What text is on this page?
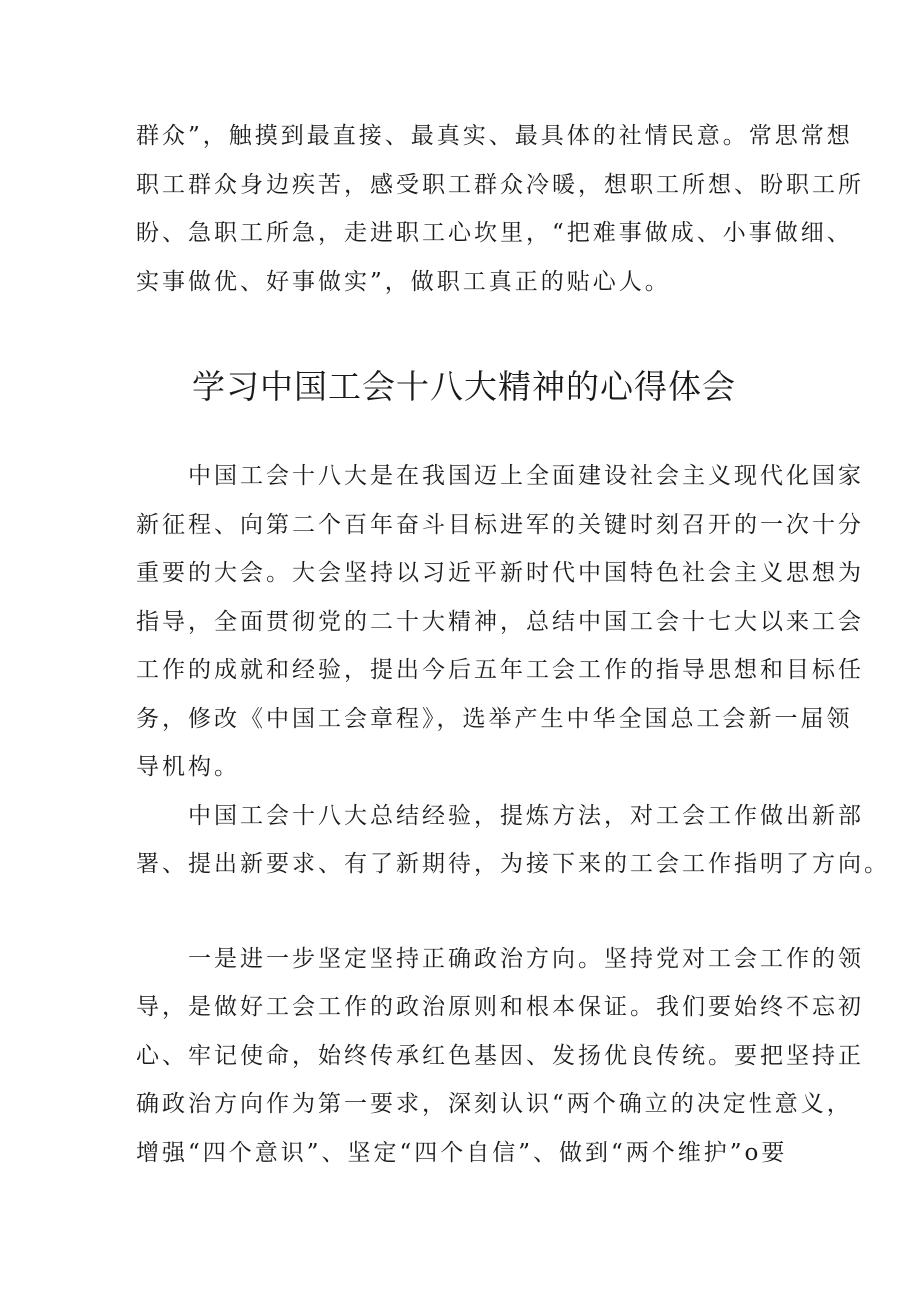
群众”，触摸到最直接、最真实、最具体的社情民意。常思常想

职工群众身边疾苦，感受职工群众冷暖，想职工所想、盼职工所

盼、急职工所急，走进职工心坎里，“把难事做成、小事做细、

实事做优、好事做实”，做职工真正的贴心人。

学习中国工会十八大精神的心得体会

中国工会十八大是在我国迈上全面建设社会主义现代化国家

新征程、向第二个百年奋斗目标进军的关键时刻召开的一次十分

重要的大会。大会坚持以习近平新时代中国特色社会主义思想为

指导，全面贯彻党的二十大精神，总结中国工会十七大以来工会

工作的成就和经验，提出今后五年工会工作的指导思想和目标任

务，修改《中国工会章程》，选举产生中华全国总工会新一届领

导机构。

中国工会十八大总结经验，提炼方法，对工会工作做出新部

署、提出新要求、有了新期待，为接下来的工会工作指明了方向。

一是进一步坚定坚持正确政治方向。坚持党对工会工作的领

导，是做好工会工作的政治原则和根本保证。我们要始终不忘初

心、牢记使命，始终传承红色基因、发扬优良传统。要把坚持正

确政治方向作为第一要求，深刻认识“两个确立的决定性意义，

增强“四个意识”、坚定“四个自信”、做到“两个维护”o要
